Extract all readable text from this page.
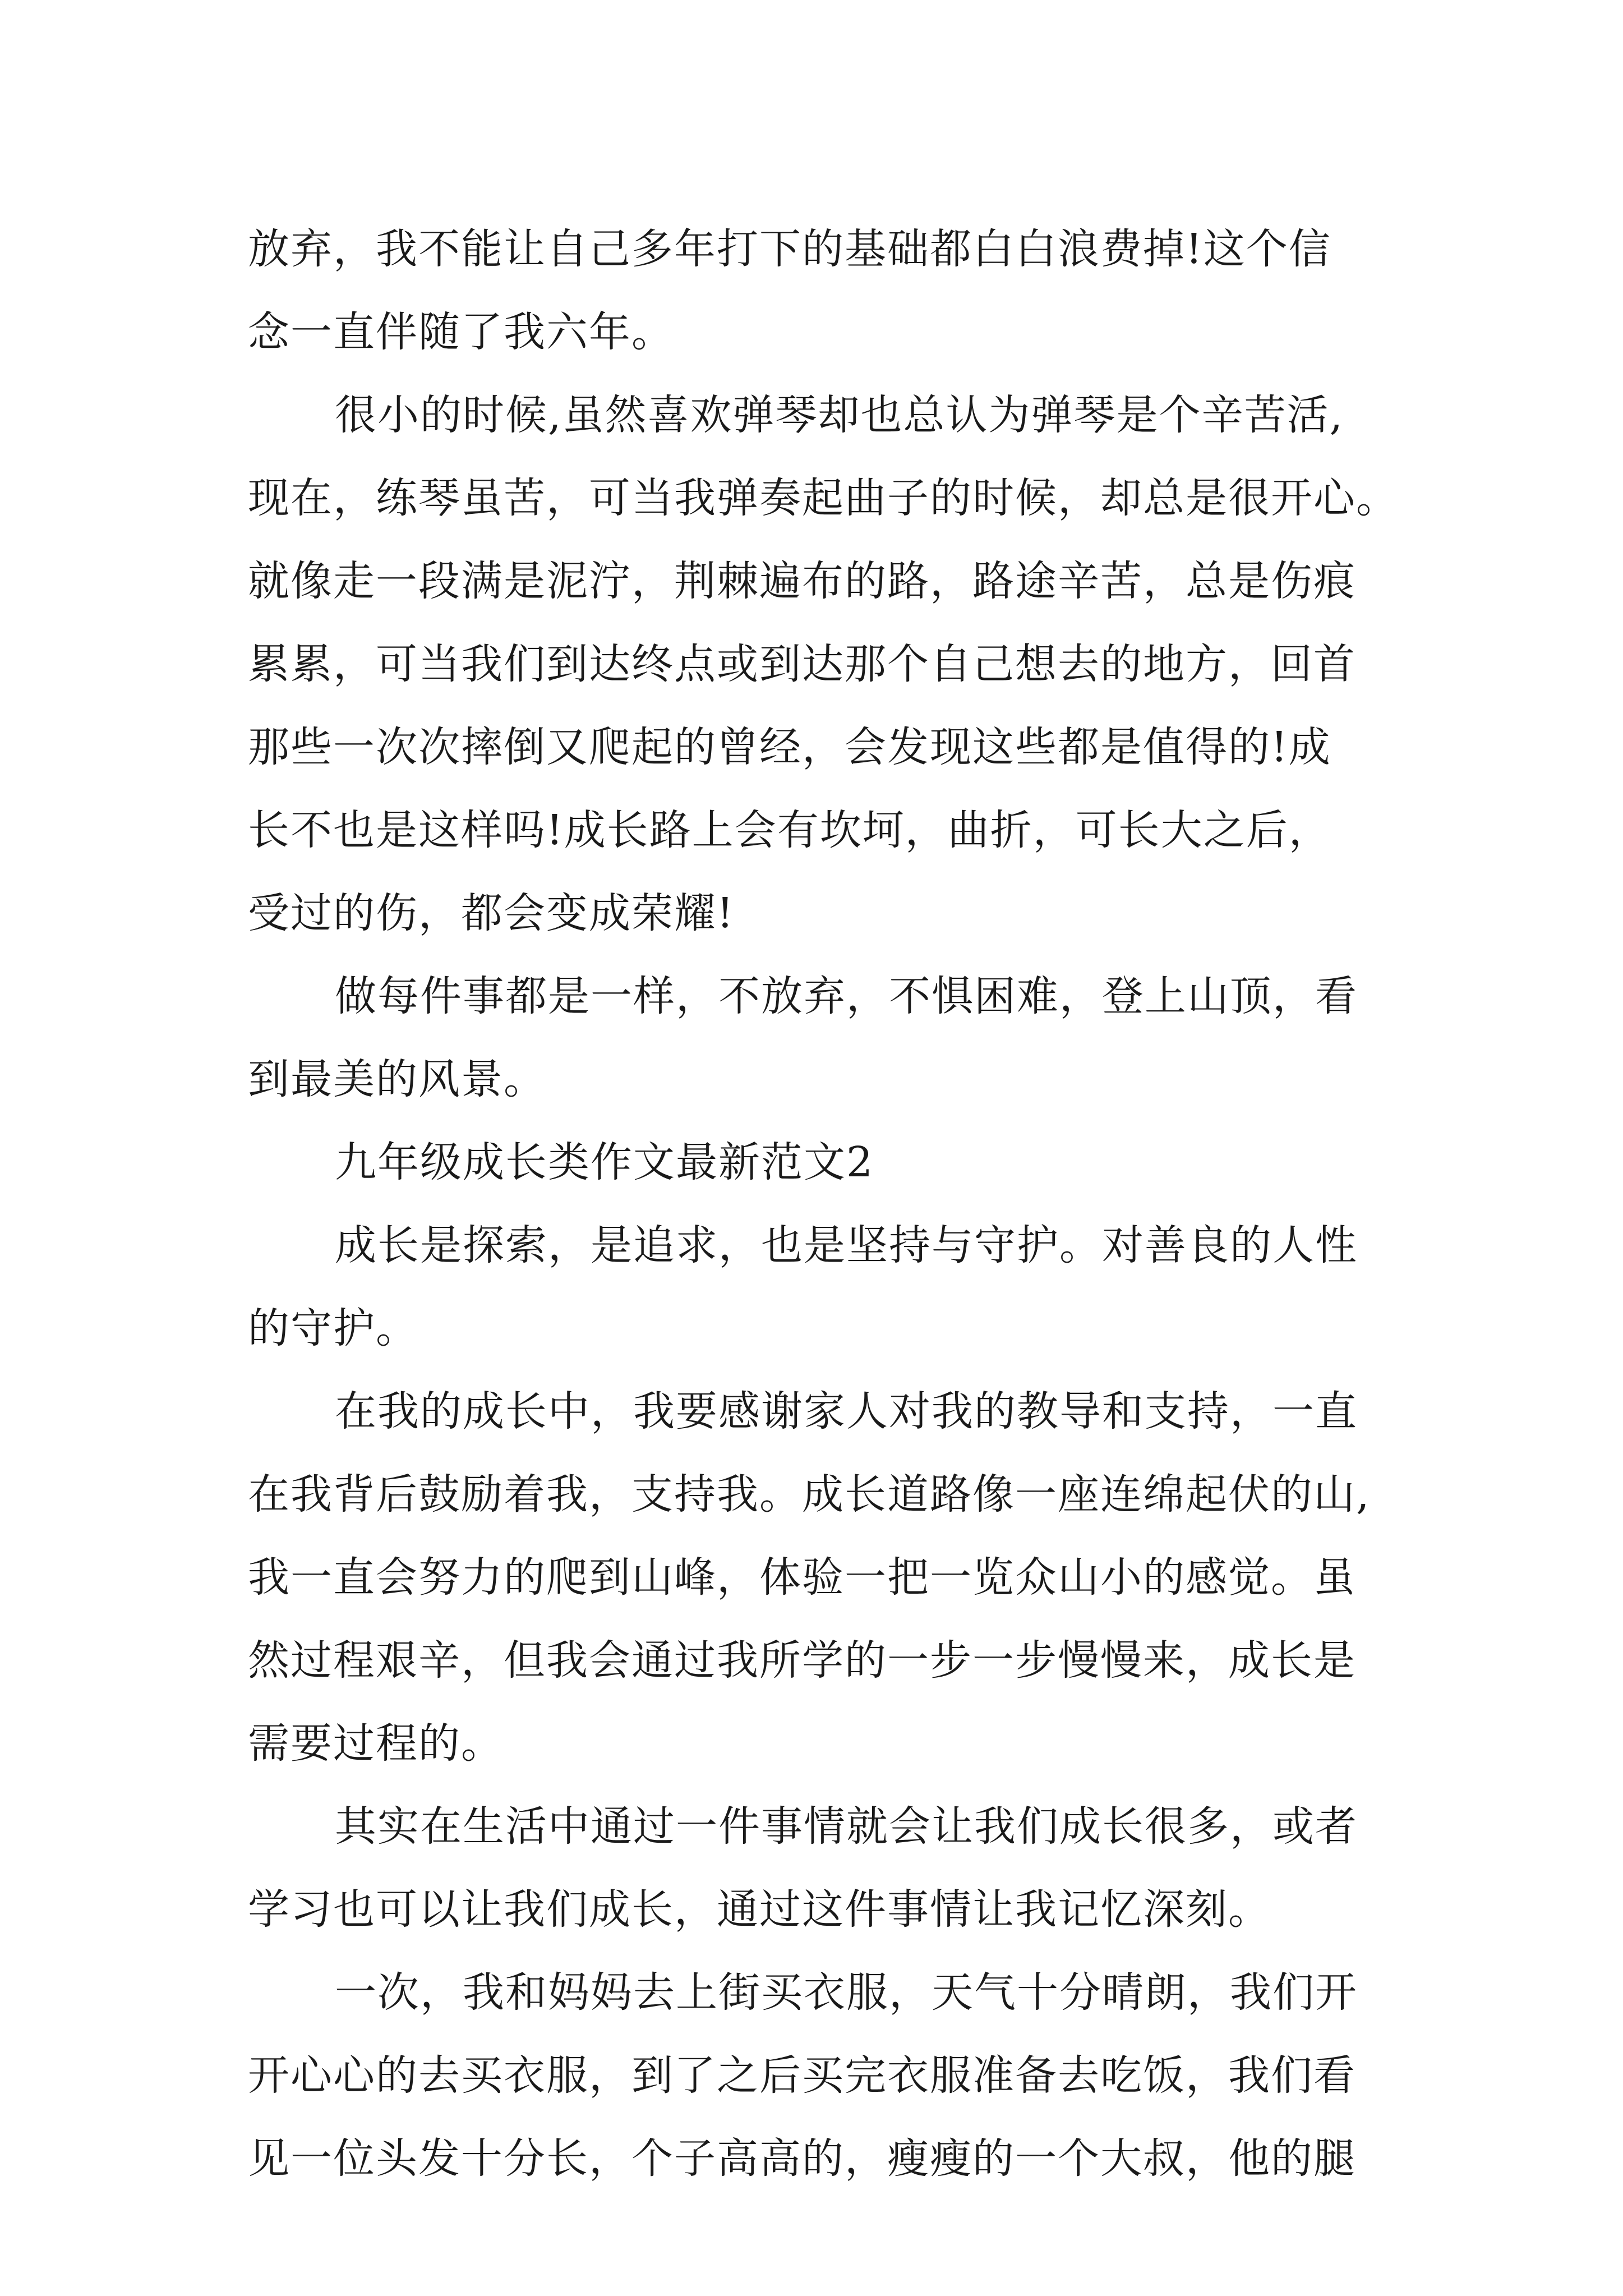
放弃，我不能让自己多年打下的基础都白白浪费掉!这个信
念一直伴随了我六年。
很小的时候,虽然喜欢弹琴却也总认为弹琴是个辛苦活,
现在，练琴虽苦，可当我弹奏起曲子的时候，却总是很开心。
就像走一段满是泥泞，荆棘遍布的路，路途辛苦，总是伤痕
累累，可当我们到达终点或到达那个自己想去的地方，回首
那些一次次摔倒又爬起的曾经，会发现这些都是值得的!成
长不也是这样吗!成长路上会有坎坷，曲折，可长大之后，
受过的伤，都会变成荣耀!
做每件事都是一样，不放弃，不惧困难，登上山顶，看
到最美的风景。
九年级成长类作文最新范文2
成长是探索，是追求，也是坚持与守护。对善良的人性
的守护。
在我的成长中，我要感谢家人对我的教导和支持，一直
在我背后鼓励着我，支持我。成长道路像一座连绵起伏的山,
我一直会努力的爬到山峰，体验一把一览众山小的感觉。虽
然过程艰辛，但我会通过我所学的一步一步慢慢来，成长是
需要过程的。
其实在生活中通过一件事情就会让我们成长很多，或者
学习也可以让我们成长，通过这件事情让我记忆深刻。
一次，我和妈妈去上街买衣服，天气十分晴朗，我们开
开心心的去买衣服，到了之后买完衣服准备去吃饭，我们看
见一位头发十分长，个子高高的，瘦瘦的一个大叔，他的腿
